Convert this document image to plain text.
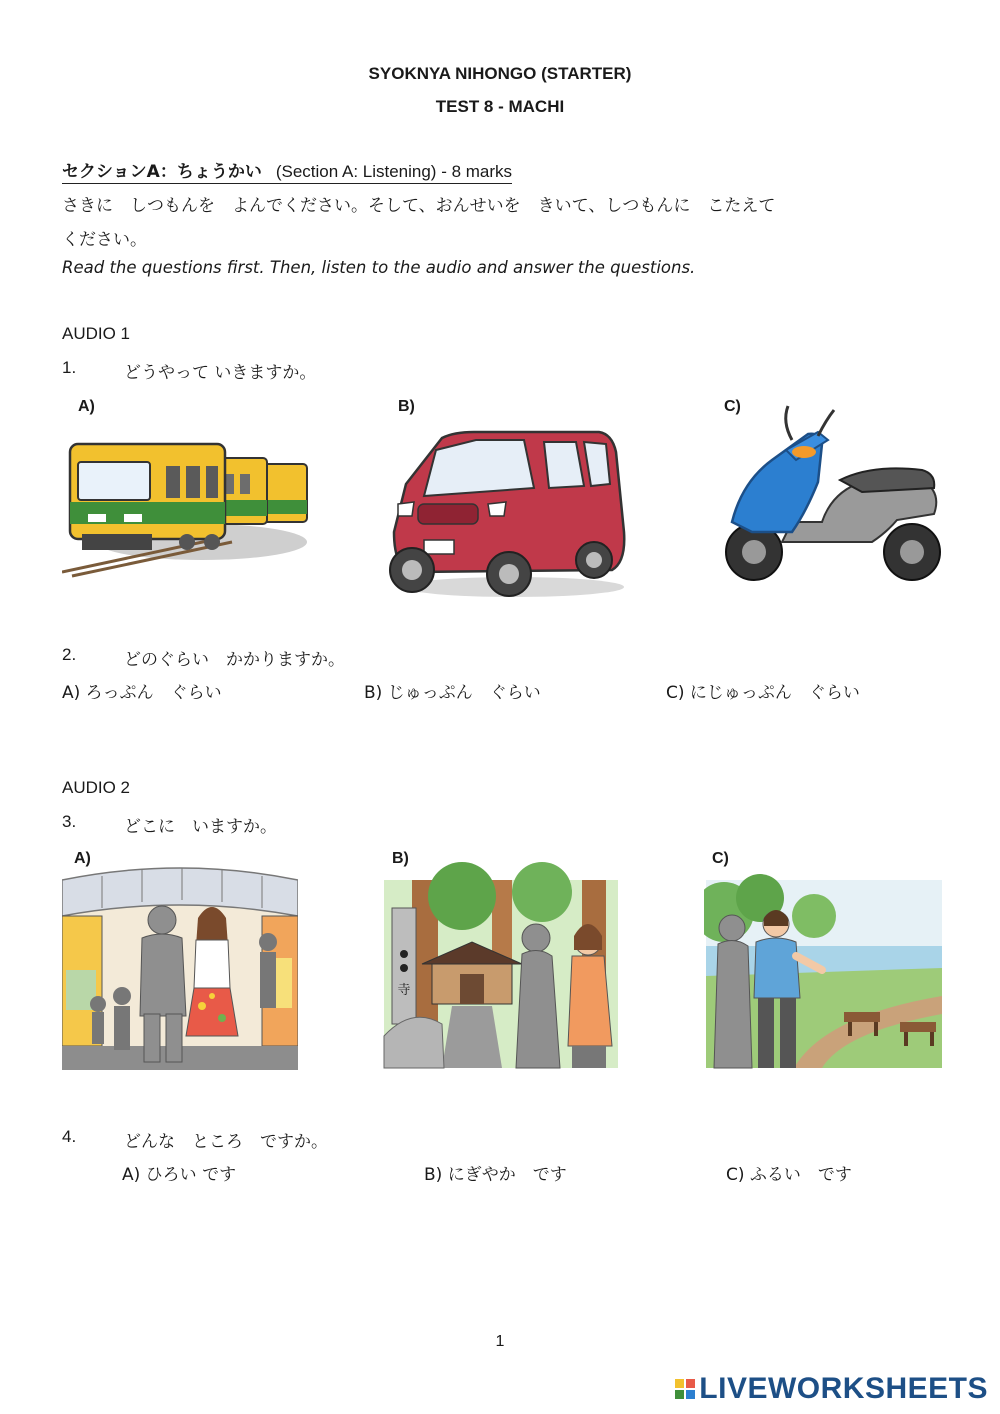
SYOKNYA NIHONGO (STARTER)
TEST 8 - MACHI
セクションA：ちょうかい (Section A: Listening) - 8 marks
さきに　しつもんを　よんでください。そして、おんせいを　きいて、しつもんに　こたえて
ください。
Read the questions first. Then, listen to the audio and answer the questions.
AUDIO 1
1.	どうやって いきますか。
A)	B)	C)
2.	どのぐらい　かかりますか。
A) ろっぷん　ぐらい	B) じゅっぷん　ぐらい	C) にじゅっぷん　ぐらい
AUDIO 2
3.	どこに　いますか。
A)	B)
寺
C)
4.	どんな　ところ　ですか。
A) ひろい です	B) にぎやか　です	C) ふるい　です
1
LIVEWORKSHEETS
